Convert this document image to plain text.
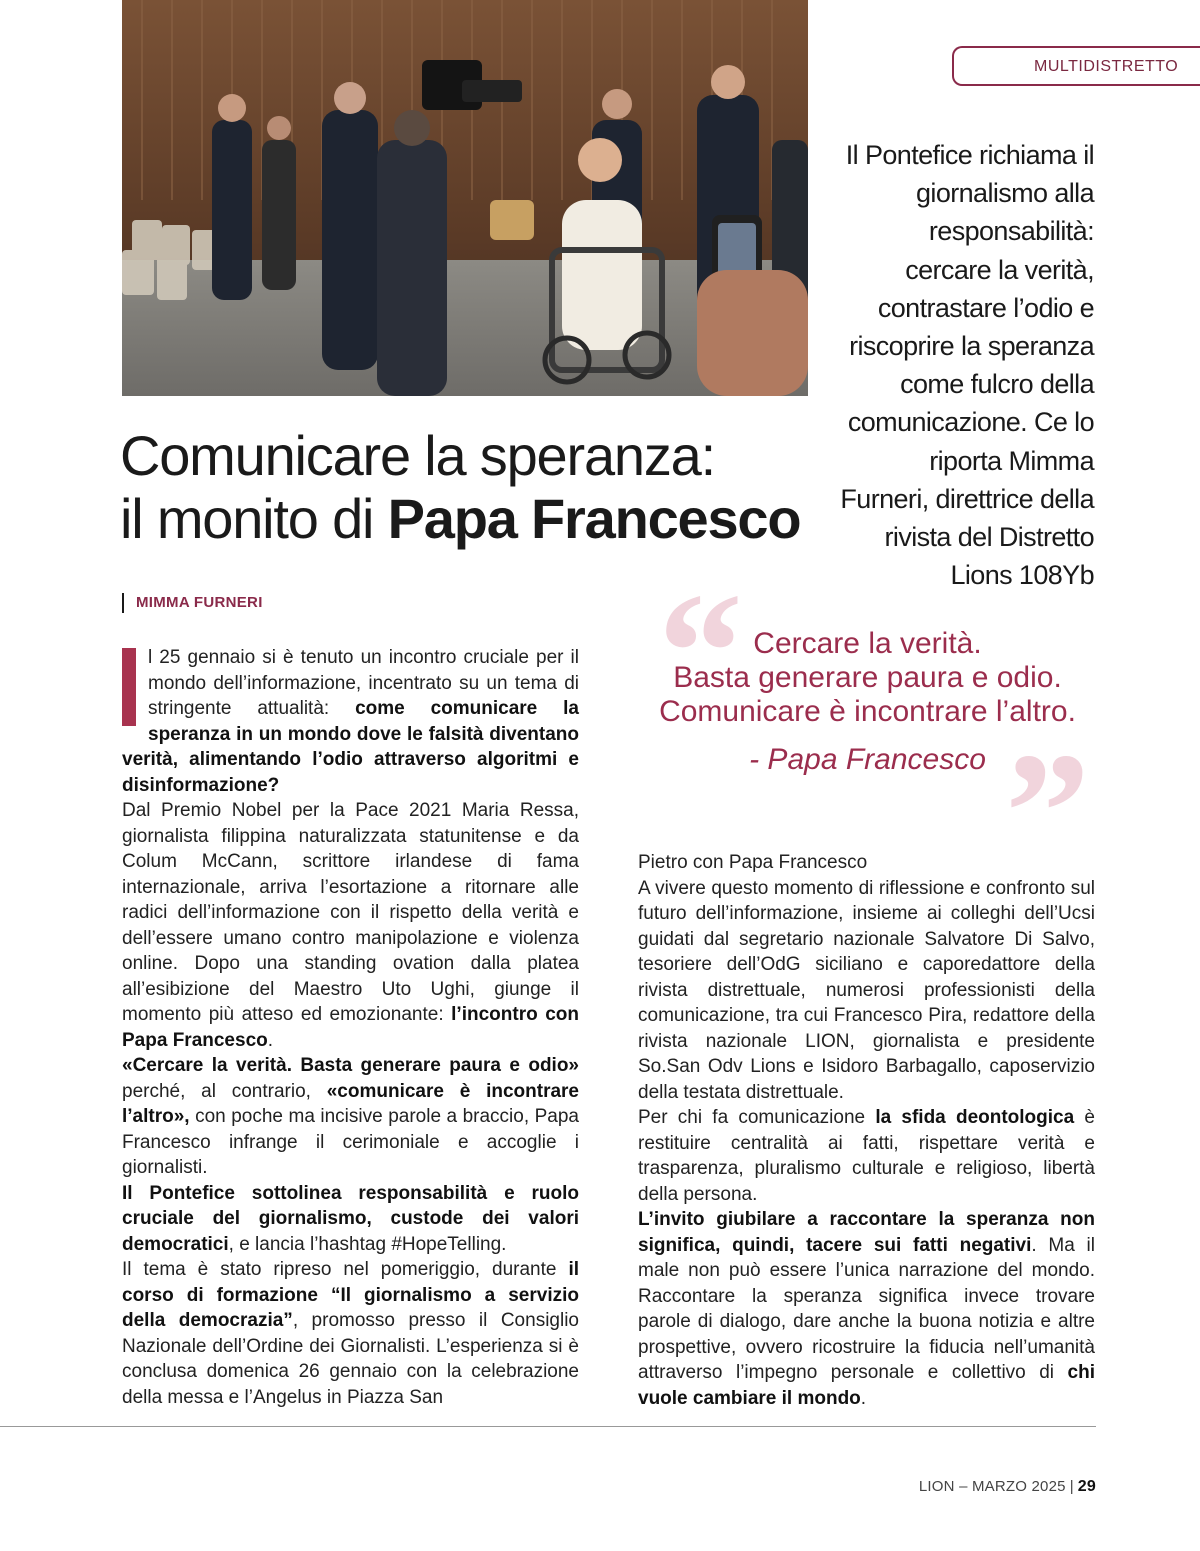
MULTIDISTRETTO
Il Pontefice richiama il giornalismo alla responsabilità: cercare la verità, contrastare l’odio e riscoprire la speranza come fulcro della comunicazione. Ce lo riporta Mimma Furneri, direttrice della rivista del Distretto Lions 108Yb
Comunicare la speranza:
il monito di Papa Francesco
MIMMA FURNERI

l 25 gennaio si è tenuto un incontro cruciale per il mondo dell’informazione, incentrato su un tema di stringente attualità: come comunicare la speranza in un mondo dove le falsità diventano verità, alimentando l’odio attraverso algoritmi e disinformazione?

Dal Premio Nobel per la Pace 2021 Maria Ressa, giornalista filippina naturalizzata statunitense e da Colum McCann, scrittore irlandese di fama internazionale, arriva l’esortazione a ritornare alle radici dell’informazione con il rispetto della verità e dell’essere umano contro manipolazione e violenza online. Dopo una standing ovation dalla platea all’esibizione del Maestro Uto Ughi, giunge il momento più atteso ed emozionante: l’incontro con Papa Francesco.

«Cercare la verità. Basta generare paura e odio» perché, al contrario, «comunicare è incontrare l’altro», con poche ma incisive parole a braccio, Papa Francesco infrange il cerimoniale e accoglie i giornalisti.

Il Pontefice sottolinea responsabilità e ruolo cruciale del giornalismo, custode dei valori democratici, e lancia l’hashtag #HopeTelling.

Il tema è stato ripreso nel pomeriggio, durante il corso di formazione “Il giornalismo a servizio della democrazia”, promosso presso il Consiglio Nazionale dell’Ordine dei Giornalisti. L’esperienza si è conclusa domenica 26 gennaio con la celebrazione della messa e l’Angelus in Piazza San

“
”
Cercare la verità.
Basta generare paura e odio.
Comunicare è incontrare l’altro.
- Papa Francesco

Pietro con Papa Francesco

A vivere questo momento di riflessione e confronto sul futuro dell’informazione, insieme ai colleghi dell’Ucsi guidati dal segretario nazionale Salvatore Di Salvo, tesoriere dell’OdG siciliano e caporedattore della rivista distrettuale, numerosi professionisti della comunicazione, tra cui Francesco Pira, redattore della rivista nazionale LION, giornalista e presidente So.San Odv Lions e Isidoro Barbagallo, caposervizio della testata distrettuale.

Per chi fa comunicazione la sfida deontologica è restituire centralità ai fatti, rispettare verità e trasparenza, pluralismo culturale e religioso, libertà della persona.

L’invito giubilare a raccontare la speranza non significa, quindi, tacere sui fatti negativi. Ma il male non può essere l’unica narrazione del mondo. Raccontare la speranza significa invece trovare parole di dialogo, dare anche la buona notizia e altre prospettive, ovvero ricostruire la fiducia nell’umanità attraverso l’impegno personale e collettivo di chi vuole cambiare il mondo.

LION – MARZO 2025 | 29
